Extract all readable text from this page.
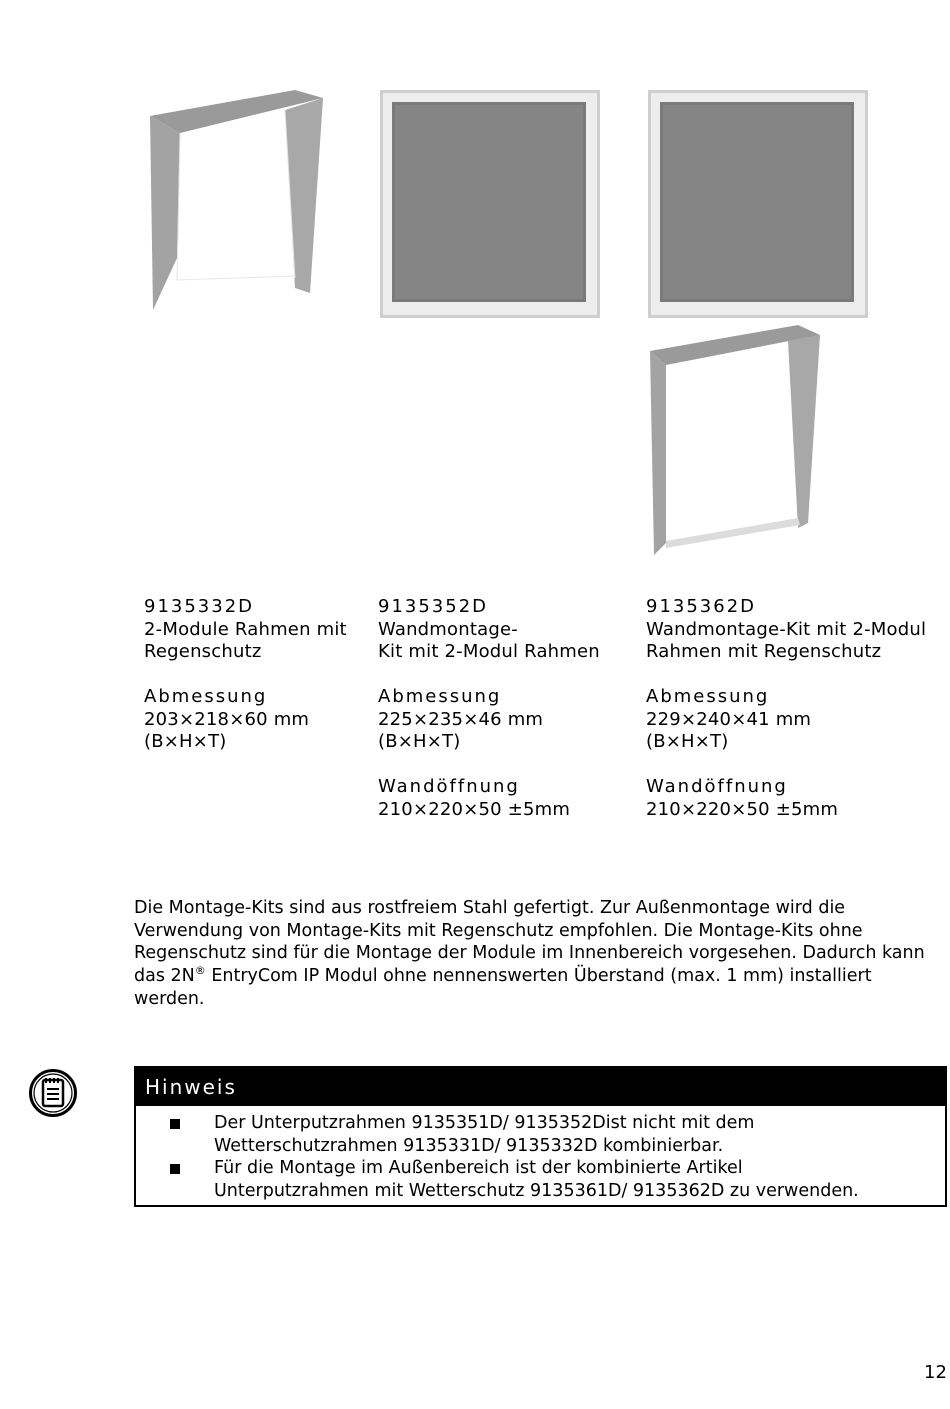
9135332D
2-Module Rahmen mit
Regenschutz
Abmessung
203×218×60 mm
(B×H×T)
9135352D
Wandmontage-
Kit mit 2-Modul Rahmen
Abmessung
225×235×46 mm
(B×H×T)
Wandöffnung
210×220×50 ±5mm
9135362D
Wandmontage-Kit mit 2-Modul
Rahmen mit Regenschutz
Abmessung
229×240×41 mm
(B×H×T)
Wandöffnung
210×220×50 ±5mm
Die Montage-Kits sind aus rostfreiem Stahl gefertigt. Zur Außenmontage wird die Verwendung von Montage-Kits mit Regenschutz empfohlen. Die Montage-Kits ohne Regenschutz sind für die Montage der Module im Innenbereich vorgesehen. Dadurch kann das 2N® EntryCom IP Modul ohne nennenswerten Überstand (max. 1 mm) installiert werden.
Hinweis
Der Unterputzrahmen 9135351D/ 9135352Dist nicht mit dem
Wetterschutzrahmen 9135331D/ 9135332D kombinierbar.
Für die Montage im Außenbereich ist der kombinierte Artikel
Unterputzrahmen mit Wetterschutz 9135361D/ 9135362D zu verwenden.
12
